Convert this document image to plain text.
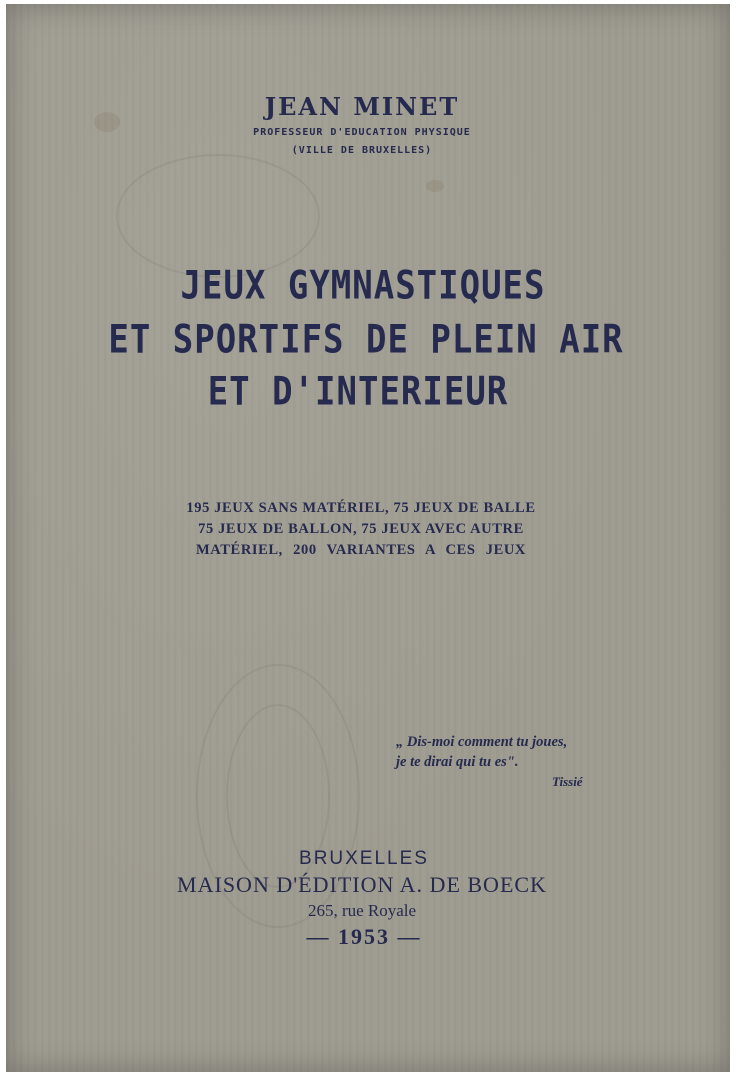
JEAN MINET
PROFESSEUR D'EDUCATION PHYSIQUE
(VILLE DE BRUXELLES)
JEUX GYMNASTIQUES
ET SPORTIFS DE PLEIN AIR
ET D'INTERIEUR
195 JEUX SANS MATÉRIEL, 75 JEUX DE BALLE
75 JEUX DE BALLON, 75 JEUX AVEC AUTRE
MATÉRIEL, 200 VARIANTES A CES JEUX
„ Dis-moi comment tu joues,
je te dirai qui tu es".
Tissié
BRUXELLES
MAISON D'ÉDITION A. DE BOECK
265, rue Royale
— 1953 —
